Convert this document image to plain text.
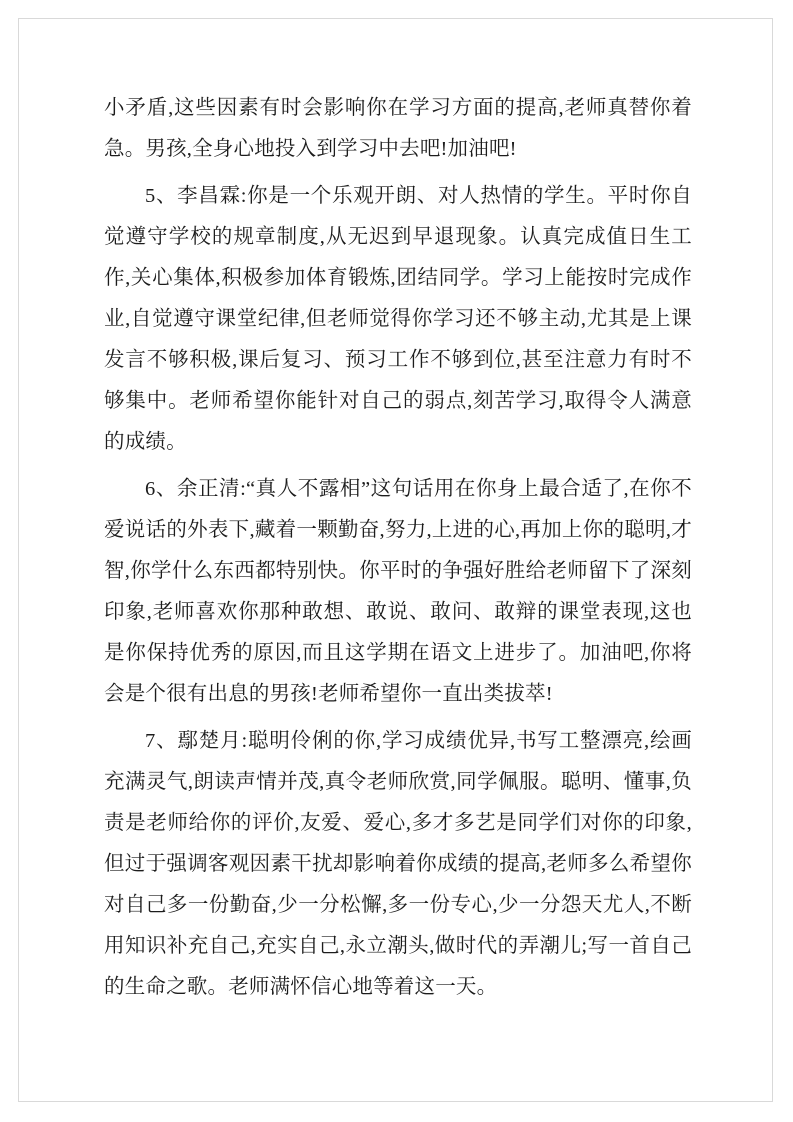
小矛盾,这些因素有时会影响你在学习方面的提高,老师真替你着急。男孩,全身心地投入到学习中去吧!加油吧!

5、李昌霖:你是一个乐观开朗、对人热情的学生。平时你自觉遵守学校的规章制度,从无迟到早退现象。认真完成值日生工作,关心集体,积极参加体育锻炼,团结同学。学习上能按时完成作业,自觉遵守课堂纪律,但老师觉得你学习还不够主动,尤其是上课发言不够积极,课后复习、预习工作不够到位,甚至注意力有时不够集中。老师希望你能针对自己的弱点,刻苦学习,取得令人满意的成绩。

6、余正清:“真人不露相”这句话用在你身上最合适了,在你不爱说话的外表下,藏着一颗勤奋,努力,上进的心,再加上你的聪明,才智,你学什么东西都特别快。你平时的争强好胜给老师留下了深刻印象,老师喜欢你那种敢想、敢说、敢问、敢辩的课堂表现,这也是你保持优秀的原因,而且这学期在语文上进步了。加油吧,你将会是个很有出息的男孩!老师希望你一直出类拔萃!

7、鄢楚月:聪明伶俐的你,学习成绩优异,书写工整漂亮,绘画充满灵气,朗读声情并茂,真令老师欣赏,同学佩服。聪明、懂事,负责是老师给你的评价,友爱、爱心,多才多艺是同学们对你的印象,但过于强调客观因素干扰却影响着你成绩的提高,老师多么希望你对自己多一份勤奋,少一分松懈,多一份专心,少一分怨天尤人,不断用知识补充自己,充实自己,永立潮头,做时代的弄潮儿;写一首自己的生命之歌。老师满怀信心地等着这一天。
